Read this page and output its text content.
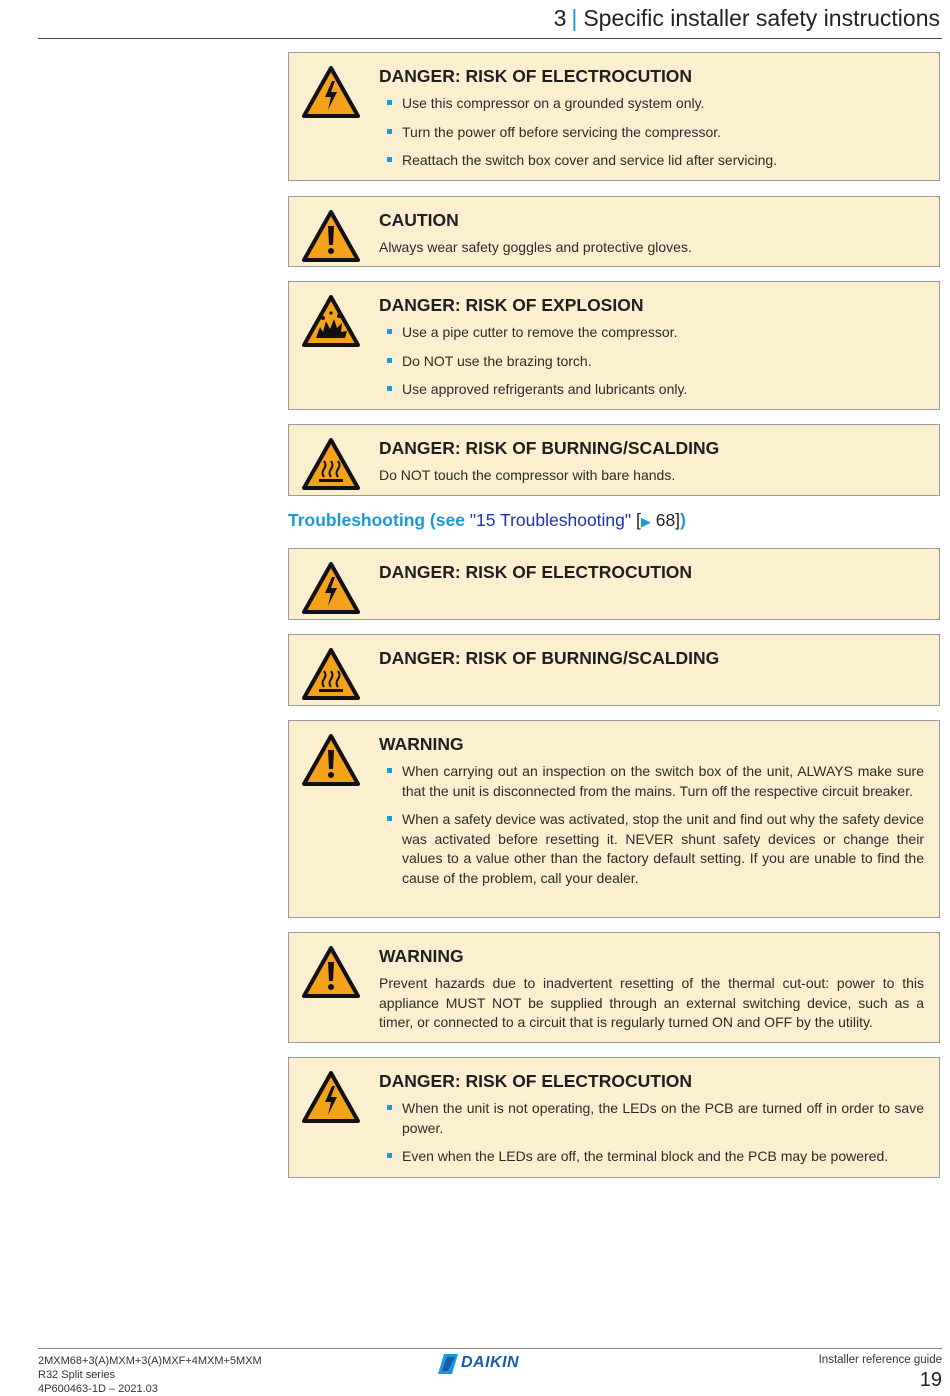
3 | Specific installer safety instructions
DANGER: RISK OF ELECTROCUTION
Use this compressor on a grounded system only.
Turn the power off before servicing the compressor.
Reattach the switch box cover and service lid after servicing.
CAUTION

Always wear safety goggles and protective gloves.

DANGER: RISK OF EXPLOSION
Use a pipe cutter to remove the compressor.
Do NOT use the brazing torch.
Use approved refrigerants and lubricants only.
DANGER: RISK OF BURNING/SCALDING

Do NOT touch the compressor with bare hands.

Troubleshooting (see "15 Troubleshooting" [▶ 68])
DANGER: RISK OF ELECTROCUTION
DANGER: RISK OF BURNING/SCALDING
WARNING
When carrying out an inspection on the switch box of the unit, ALWAYS make sure that the unit is disconnected from the mains. Turn off the respective circuit breaker.
When a safety device was activated, stop the unit and find out why the safety device was activated before resetting it. NEVER shunt safety devices or change their values to a value other than the factory default setting. If you are unable to find the cause of the problem, call your dealer.
WARNING

Prevent hazards due to inadvertent resetting of the thermal cut-out: power to this appliance MUST NOT be supplied through an external switching device, such as a timer, or connected to a circuit that is regularly turned ON and OFF by the utility.

DANGER: RISK OF ELECTROCUTION
When the unit is not operating, the LEDs on the PCB are turned off in order to save power.
Even when the LEDs are off, the terminal block and the PCB may be powered.
2MXM68+3(A)MXM+3(A)MXF+4MXM+5MXM
R32 Split series
4P600463-1D – 2021.03
DAIKIN	Installer reference guide
19
